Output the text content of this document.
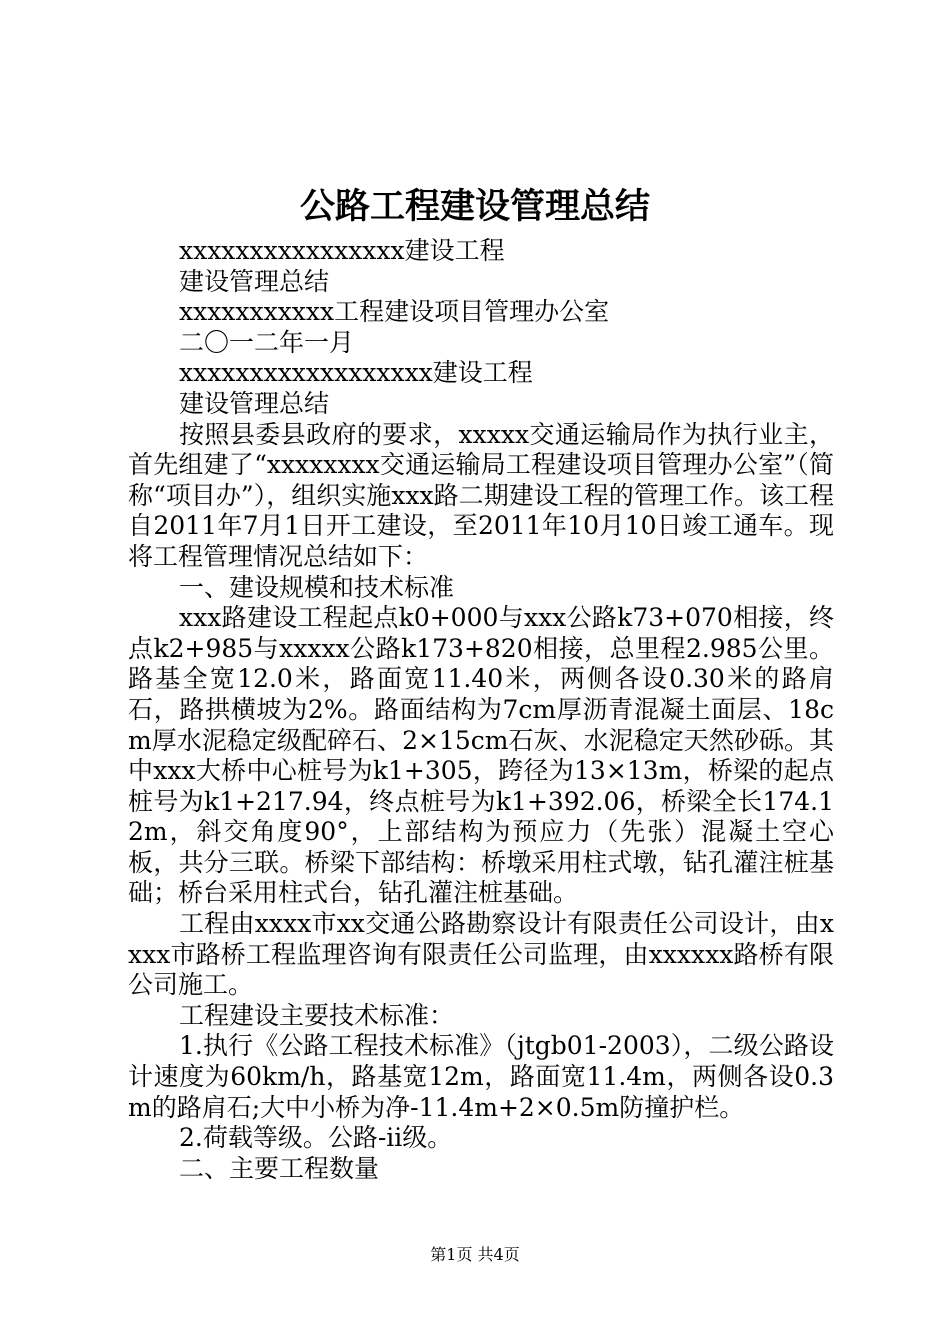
公路工程建设管理总结
xxxxxxxxxxxxxxxx建设工程
建设管理总结
xxxxxxxxxxx工程建设项目管理办公室
二〇一二年一月
xxxxxxxxxxxxxxxxxx建设工程
建设管理总结
按照县委县政府的要求，xxxxx交通运输局作为执行业主，首先组建了“xxxxxxxx交通运输局工程建设项目管理办公室”（简称“项目办”），组织实施xxx路二期建设工程的管理工作。该工程自2011年7月1日开工建设，至2011年10月10日竣工通车。现将工程管理情况总结如下：
一、建设规模和技术标准
xxx路建设工程起点k0+000与xxx公路k73+070相接，终点k2+985与xxxxx公路k173+820相接，总里程2.985公里。路基全宽12.0米，路面宽11.40米，两侧各设0.30米的路肩石，路拱横坡为2%。路面结构为7cm厚沥青混凝土面层、18cm厚水泥稳定级配碎石、2×15cm石灰、水泥稳定天然砂砾。其中xxx大桥中心桩号为k1+305，跨径为13×13m，桥梁的起点桩号为k1+217.94，终点桩号为k1+392.06，桥梁全长174.12m，斜交角度90°，上部结构为预应力（先张）混凝土空心板，共分三联。桥梁下部结构：桥墩采用柱式墩，钻孔灌注桩基础；桥台采用柱式台，钻孔灌注桩基础。
工程由xxxx市xx交通公路勘察设计有限责任公司设计，由xxxx市路桥工程监理咨询有限责任公司监理，由xxxxxx路桥有限公司施工。
工程建设主要技术标准：
1.执行《公路工程技术标准》（jtgb01-2003），二级公路设计速度为60km/h，路基宽12m，路面宽11.4m，两侧各设0.3m的路肩石;大中小桥为净-11.4m+2×0.5m防撞护栏。
2.荷载等级。公路-ii级。
二、主要工程数量
第1页 共4页
